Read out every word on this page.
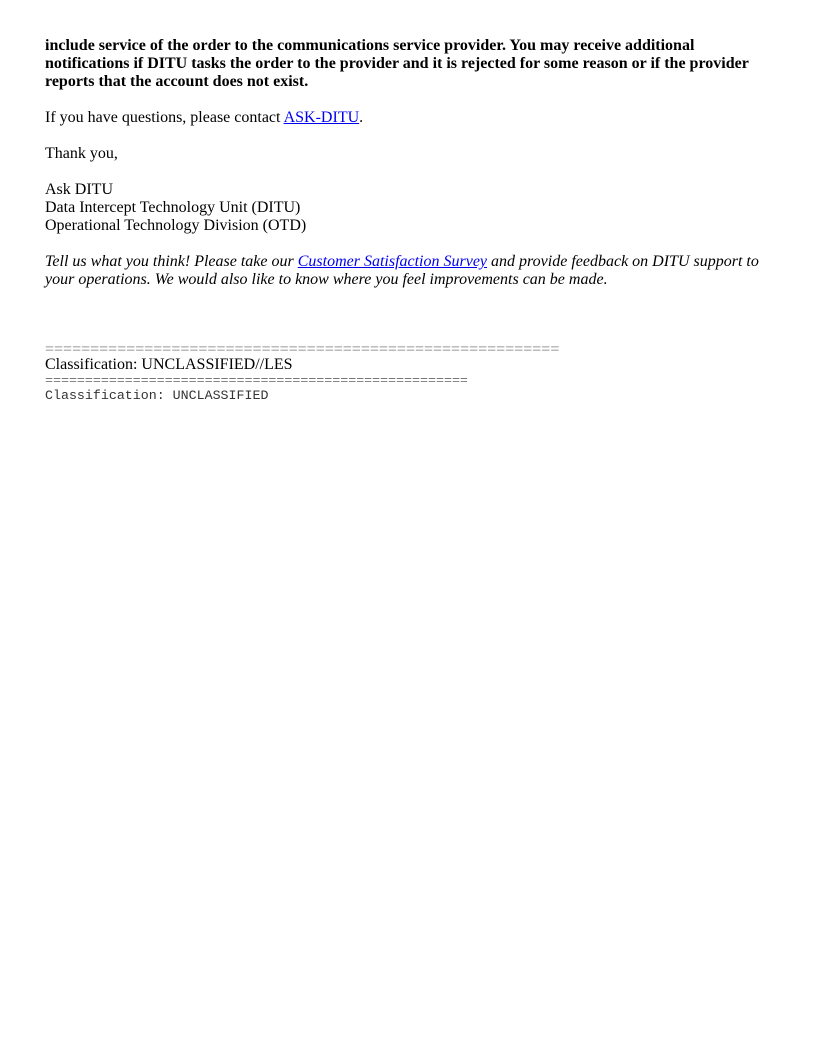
include service of the order to the communications service provider. You may receive additional notifications if DITU tasks the order to the provider and it is rejected for some reason or if the provider reports that the account does not exist.

If you have questions, please contact ASK-DITU.

Thank you,

Ask DITU
Data Intercept Technology Unit (DITU)
Operational Technology Division (OTD)

Tell us what you think! Please take our Customer Satisfaction Survey and provide feedback on DITU support to your operations. We would also like to know where you feel improvements can be made.

=========================================================

Classification: UNCLASSIFIED//LES

=====================================================

Classification: UNCLASSIFIED
